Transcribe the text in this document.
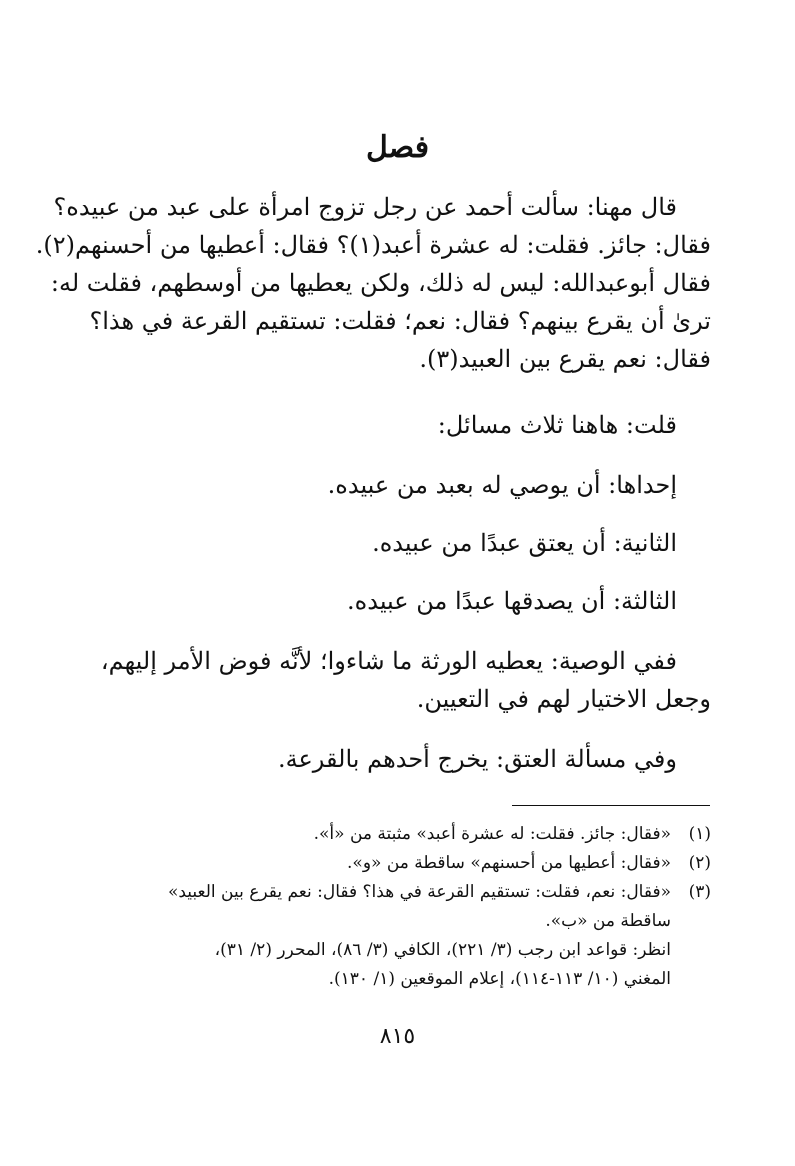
فصل
قال مهنا: سألت أحمد عن رجل تزوج امرأة على عبد من عبيده؟
فقال: جائز. فقلت: له عشرة أعبد(١)؟ فقال: أعطيها من أحسنهم(٢).
فقال أبوعبدالله: ليس له ذلك، ولكن يعطيها من أوسطهم، فقلت له:
ترىٰ أن يقرع بينهم؟ فقال: نعم؛ فقلت: تستقيم القرعة في هذا؟
فقال: نعم يقرع بين العبيد(٣).
قلت: هاهنا ثلاث مسائل:
إحداها: أن يوصي له بعبد من عبيده.
الثانية: أن يعتق عبدًا من عبيده.
الثالثة: أن يصدقها عبدًا من عبيده.
ففي الوصية: يعطيه الورثة ما شاءوا؛ لأنَّه فوض الأمر إليهم،
وجعل الاختيار لهم في التعيين.
وفي مسألة العتق: يخرج أحدهم بالقرعة.
(١)«فقال: جائز. فقلت: له عشرة أعبد» مثبتة من «أ».
(٢)«فقال: أعطيها من أحسنهم» ساقطة من «و».
(٣)«فقال: نعم، فقلت: تستقيم القرعة في هذا؟ فقال: نعم يقرع بين العبيد»
ساقطة من «ب».
انظر: قواعد ابن رجب (٣/ ٢٢١)، الكافي (٣/ ٨٦)، المحرر (٢/ ٣١)،
المغني (١٠/ ١١٣-١١٤)، إعلام الموقعين (١/ ١٣٠).
٨١٥
